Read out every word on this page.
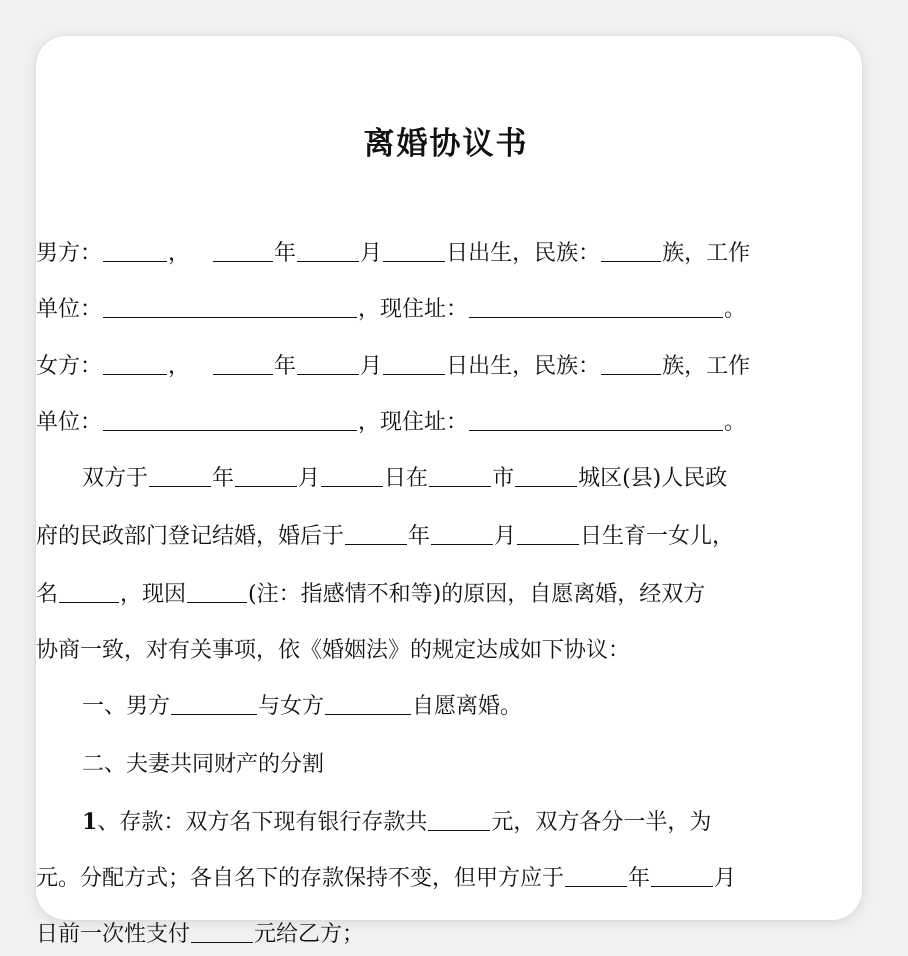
离婚协议书
男方：	，	年	月	日出生，民族：	族，工作
单位：	，现住址：	。
女方：	，	年	月	日出生，民族：	族，工作
单位：	，现住址：	。
双方于	年	月	日在	市	城区(县)人民政
府的民政部门登记结婚，婚后于	年	月	日生育一女儿，
名	，现因	(注：指感情不和等)的原因，自愿离婚，经双方
协商一致，对有关事项，依《婚姻法》的规定达成如下协议：
一、男方	与女方	自愿离婚。
二、夫妻共同财产的分割
1 、存款：双方名下现有银行存款共	元，双方各分一半，为
元。分配方式；各自名下的存款保持不变，但甲方应于	年	月
日前一次性支付	元给乙方；
